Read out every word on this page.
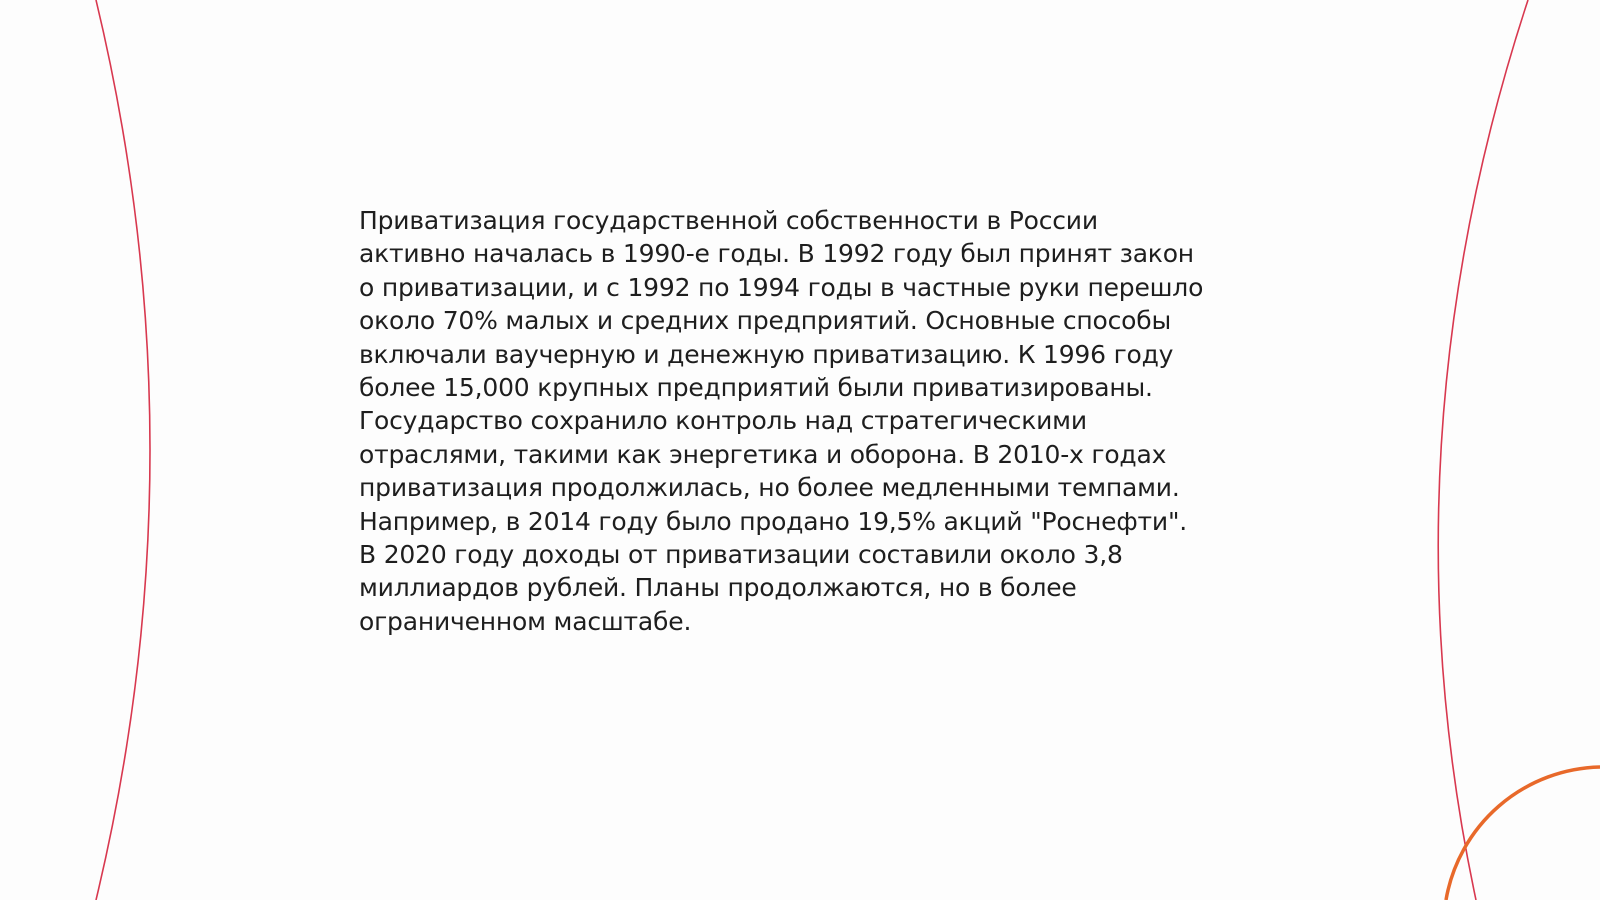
Приватизация государственной собственности в России
активно началась в 1990-е годы. В 1992 году был принят закон
о приватизации, и с 1992 по 1994 годы в частные руки перешло
около 70% малых и средних предприятий. Основные способы
включали ваучерную и денежную приватизацию. К 1996 году
более 15,000 крупных предприятий были приватизированы.
Государство сохранило контроль над стратегическими
отраслями, такими как энергетика и оборона. В 2010-х годах
приватизация продолжилась, но более медленными темпами.
Например, в 2014 году было продано 19,5% акций "Роснефти".
В 2020 году доходы от приватизации составили около 3,8
миллиардов рублей. Планы продолжаются, но в более
ограниченном масштабе.
